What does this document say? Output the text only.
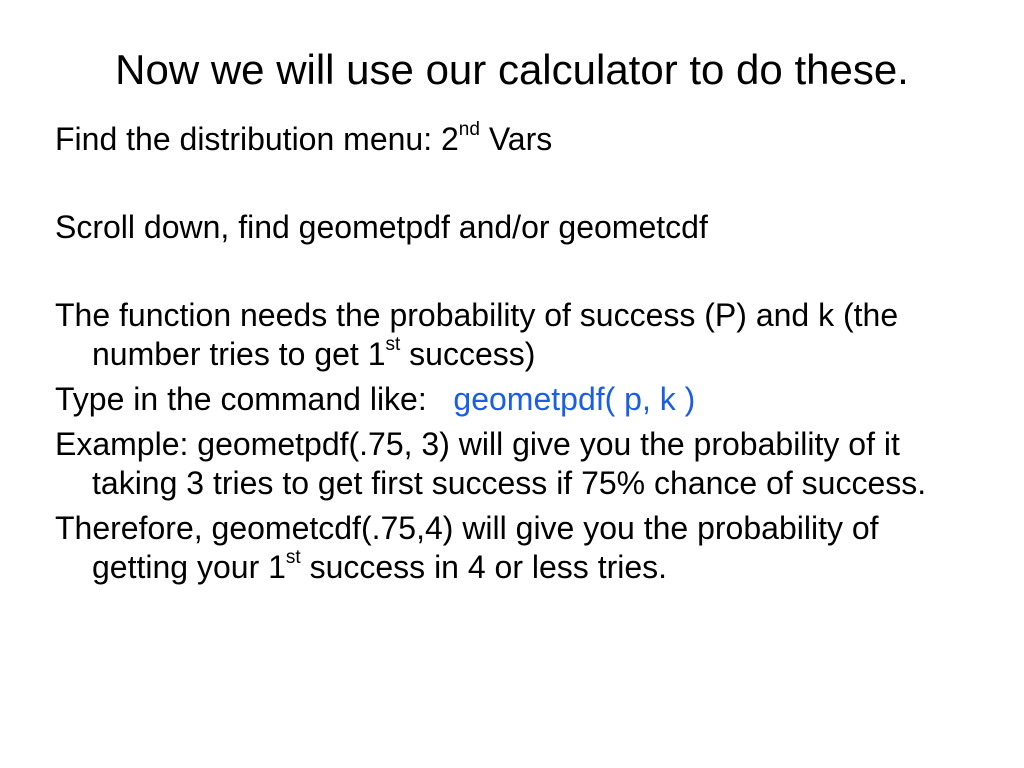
Now we will use our calculator to do these.

Find the distribution menu: 2nd Vars

Scroll down, find geometpdf and/or geometcdf

The function needs the probability of success (P) and k (the number tries to get 1st success)

Type in the command like:   geometpdf( p, k )

Example: geometpdf(.75, 3) will give you the probability of it taking 3 tries to get first success if 75% chance of success.

Therefore, geometcdf(.75,4) will give you the probability of getting your 1st success in 4 or less tries.
